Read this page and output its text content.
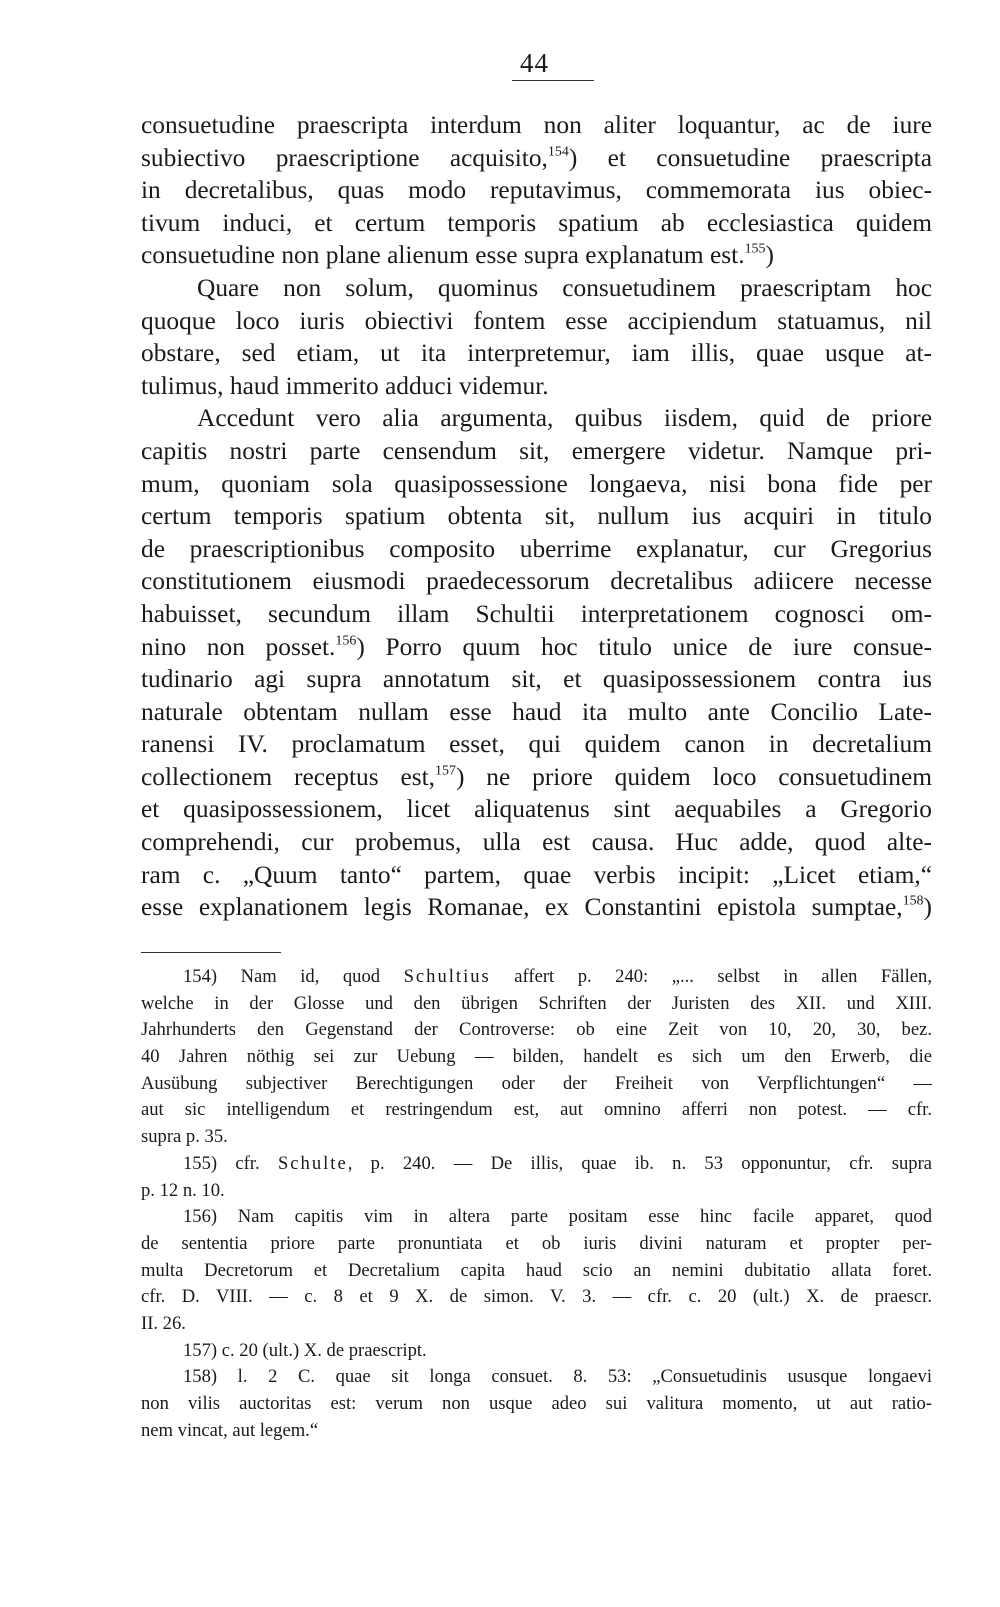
44
consuetudine praescripta interdum non aliter loquantur, ac de iure
subiectivo praescriptione acquisito,$^{154}$) et consuetudine praescripta
in decretalibus, quas modo reputavimus, commemorata ius obiec-
tivum induci, et certum temporis spatium ab ecclesiastica quidem
consuetudine non plane alienum esse supra explanatum est.$^{155}$)
Quare non solum, quominus consuetudinem praescriptam hoc
quoque loco iuris obiectivi fontem esse accipiendum statuamus, nil
obstare, sed etiam, ut ita interpretemur, iam illis, quae usque at-
tulimus, haud immerito adduci videmur.
Accedunt vero alia argumenta, quibus iisdem, quid de priore
capitis nostri parte censendum sit, emergere videtur. Namque pri-
mum, quoniam sola quasipossessione longaeva, nisi bona fide per
certum temporis spatium obtenta sit, nullum ius acquiri in titulo
de praescriptionibus composito uberrime explanatur, cur Gregorius
constitutionem eiusmodi praedecessorum decretalibus adiicere necesse
habuisset, secundum illam Schultii interpretationem cognosci om-
nino non posset.$^{156}$) Porro quum hoc titulo unice de iure consue-
tudinario agi supra annotatum sit, et quasipossessionem contra ius
naturale obtentam nullam esse haud ita multo ante Concilio Late-
ranensi IV. proclamatum esset, qui quidem canon in decretalium
collectionem receptus est,$^{157}$) ne priore quidem loco consuetudinem
et quasipossessionem, licet aliquatenus sint aequabiles a Gregorio
comprehendi, cur probemus, ulla est causa. Huc adde, quod alte-
ram c. „Quum tanto“ partem, quae verbis incipit: „Licet etiam,“
esse explanationem legis Romanae, ex Constantini epistola sumptae,$^{158}$)
154) Nam id, quod Schultius affert p. 240: „... selbst in allen Fällen,
welche in der Glosse und den übrigen Schriften der Juristen des XII. und XIII.
Jahrhunderts den Gegenstand der Controverse: ob eine Zeit von 10, 20, 30, bez.
40 Jahren nöthig sei zur Uebung — bilden, handelt es sich um den Erwerb, die
Ausübung subjectiver Berechtigungen oder der Freiheit von Verpflichtungen“ —
aut sic intelligendum et restringendum est, aut omnino afferri non potest. — cfr.
supra p. 35.
155) cfr. Schulte, p. 240. — De illis, quae ib. n. 53 opponuntur, cfr. supra
p. 12 n. 10.
156) Nam capitis vim in altera parte positam esse hinc facile apparet, quod
de sententia priore parte pronuntiata et ob iuris divini naturam et propter per-
multa Decretorum et Decretalium capita haud scio an nemini dubitatio allata foret.
cfr. D. VIII. — c. 8 et 9 X. de simon. V. 3. — cfr. c. 20 (ult.) X. de praescr.
II. 26.
157) c. 20 (ult.) X. de praescript.
158) l. 2 C. quae sit longa consuet. 8. 53: „Consuetudinis ususque longaevi
non vilis auctoritas est: verum non usque adeo sui valitura momento, ut aut ratio-
nem vincat, aut legem.“
